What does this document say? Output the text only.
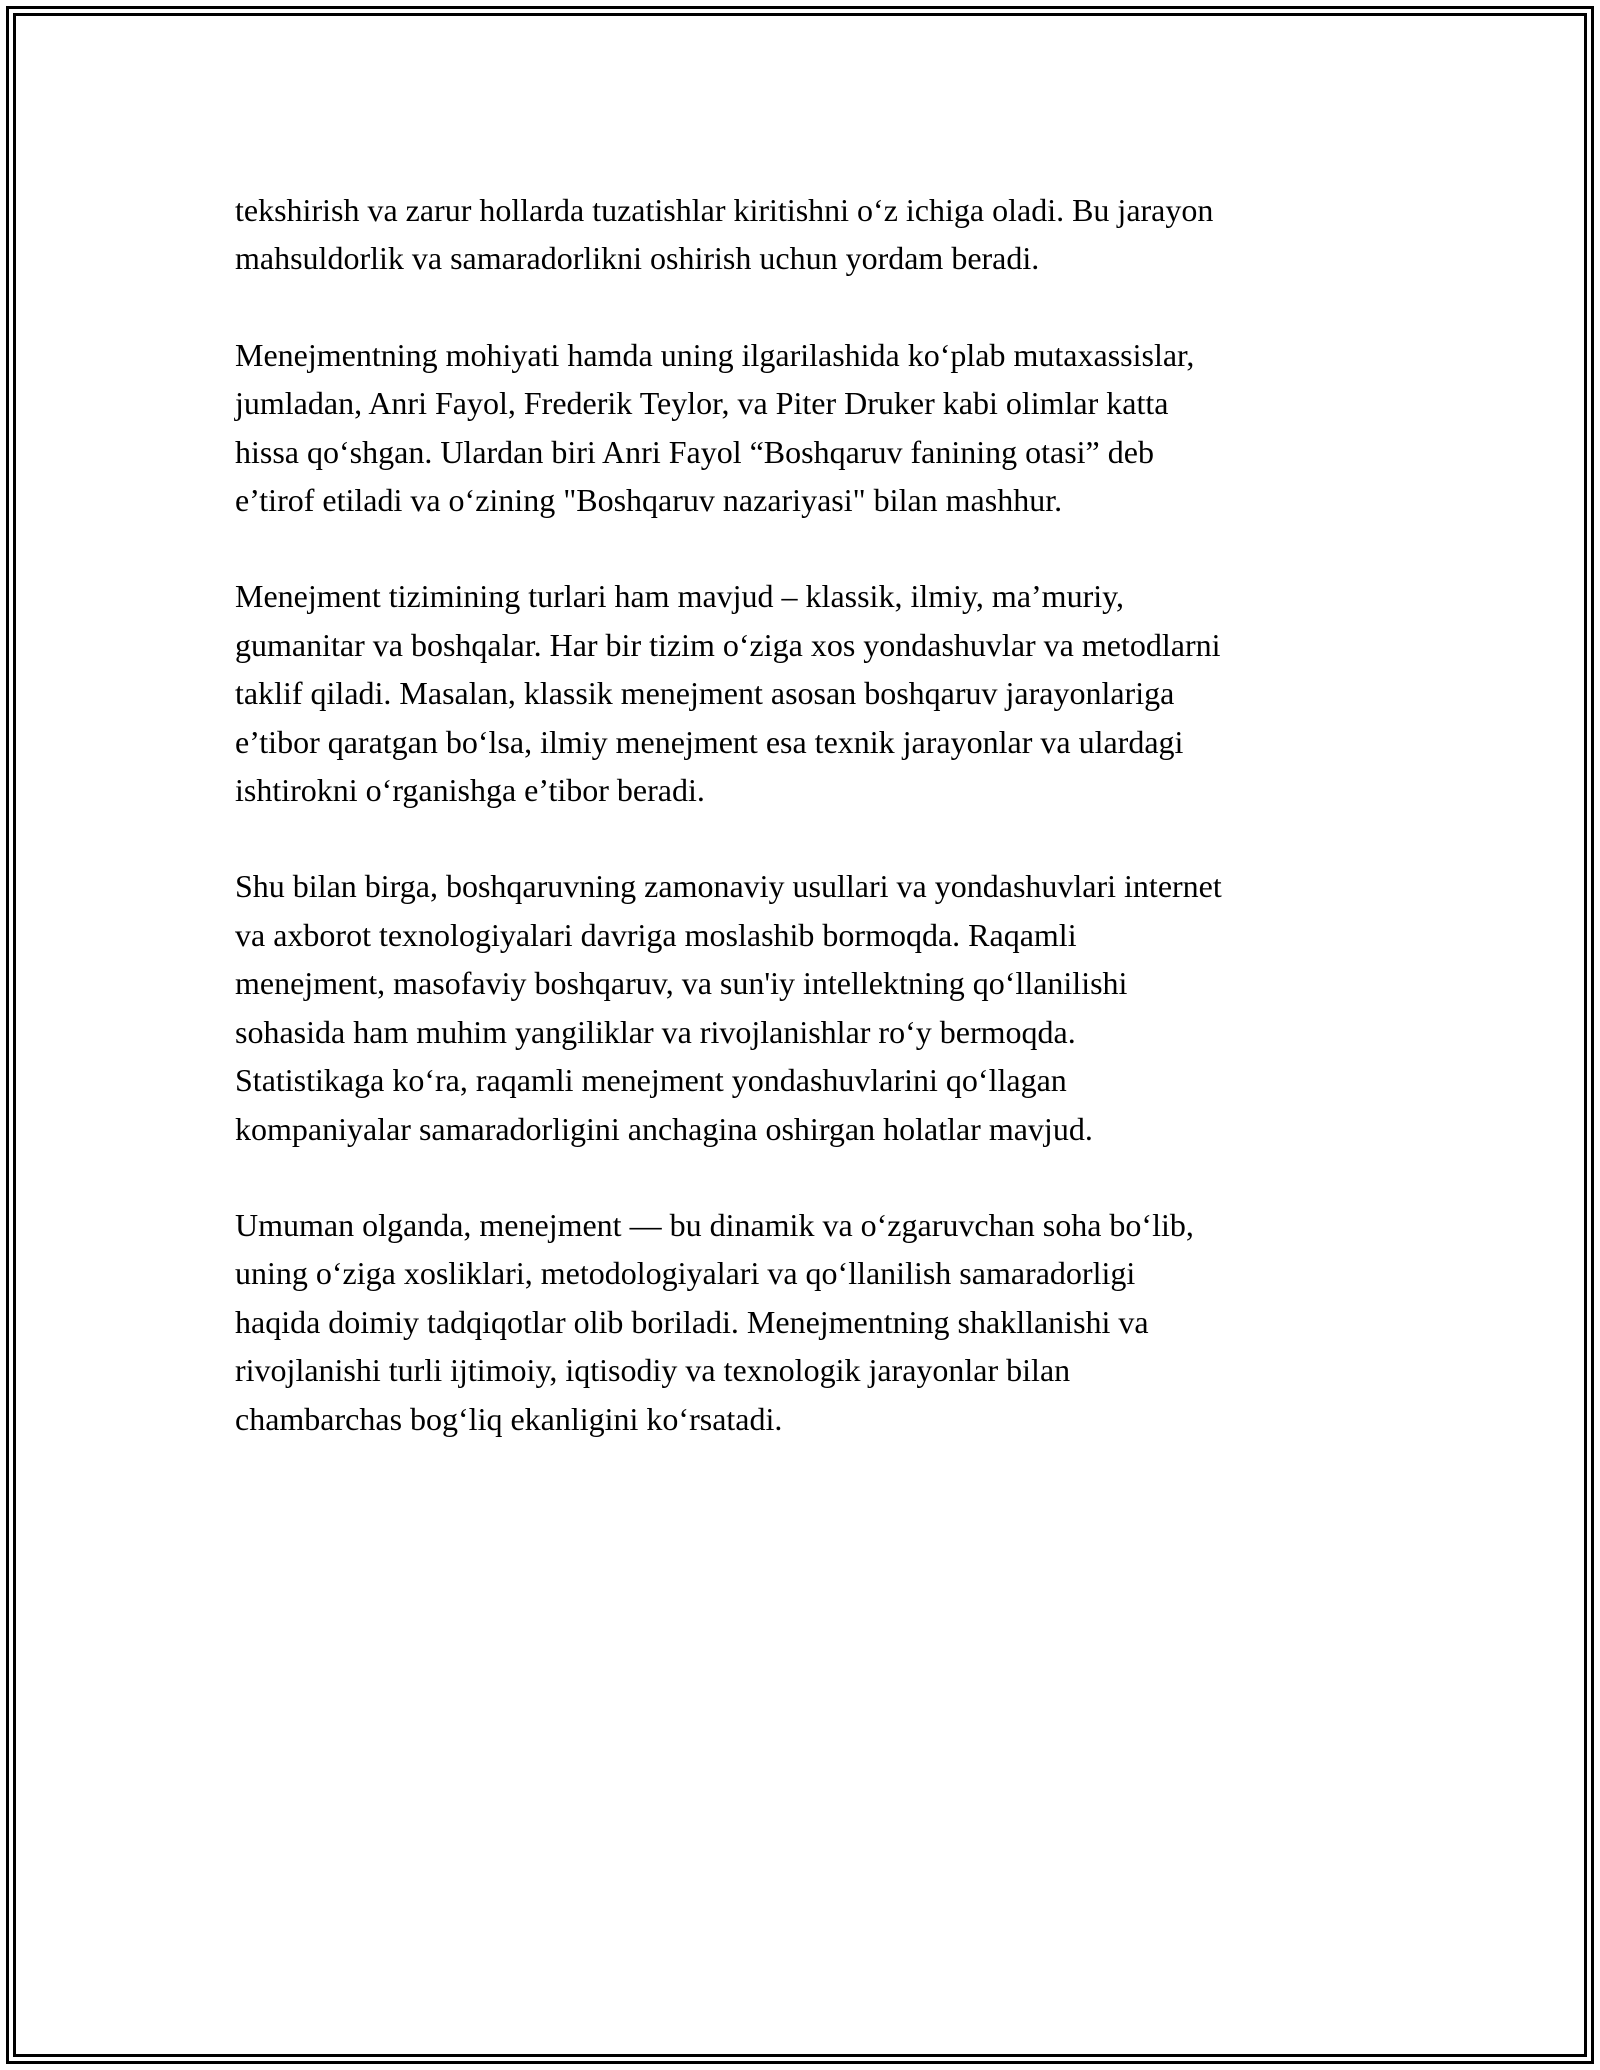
tekshirish va zarur hollarda tuzatishlar kiritishni o‘z ichiga oladi. Bu jarayon
mahsuldorlik va samaradorlikni oshirish uchun yordam beradi.

Menejmentning mohiyati hamda uning ilgarilashida ko‘plab mutaxassislar,
jumladan, Anri Fayol, Frederik Teylor, va Piter Druker kabi olimlar katta
hissa qo‘shgan. Ulardan biri Anri Fayol “Boshqaruv fanining otasi” deb
e’tirof etiladi va o‘zining "Boshqaruv nazariyasi" bilan mashhur.

Menejment tizimining turlari ham mavjud – klassik, ilmiy, ma’muriy,
gumanitar va boshqalar. Har bir tizim o‘ziga xos yondashuvlar va metodlarni
taklif qiladi. Masalan, klassik menejment asosan boshqaruv jarayonlariga
e’tibor qaratgan bo‘lsa, ilmiy menejment esa texnik jarayonlar va ulardagi
ishtirokni o‘rganishga e’tibor beradi.

Shu bilan birga, boshqaruvning zamonaviy usullari va yondashuvlari internet
va axborot texnologiyalari davriga moslashib bormoqda. Raqamli
menejment, masofaviy boshqaruv, va sun'iy intellektning qo‘llanilishi
sohasida ham muhim yangiliklar va rivojlanishlar ro‘y bermoqda.
Statistikaga ko‘ra, raqamli menejment yondashuvlarini qo‘llagan
kompaniyalar samaradorligini anchagina oshirgan holatlar mavjud.

Umuman olganda, menejment — bu dinamik va o‘zgaruvchan soha bo‘lib,
uning o‘ziga xosliklari, metodologiyalari va qo‘llanilish samaradorligi
haqida doimiy tadqiqotlar olib boriladi. Menejmentning shakllanishi va
rivojlanishi turli ijtimoiy, iqtisodiy va texnologik jarayonlar bilan
chambarchas bog‘liq ekanligini ko‘rsatadi.
